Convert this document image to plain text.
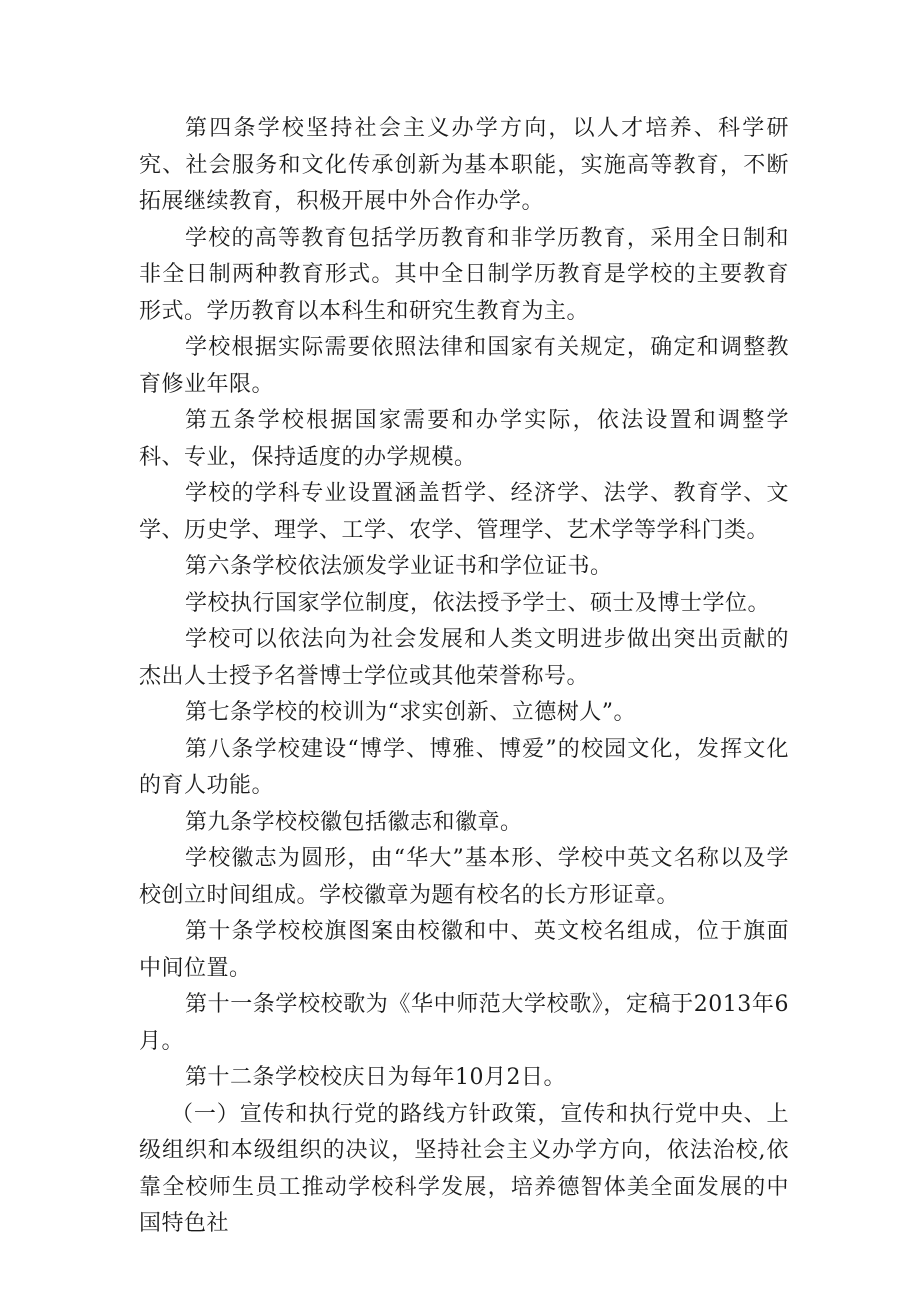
第四条学校坚持社会主义办学方向，以人才培养、科学研究、社会服务和文化传承创新为基本职能，实施高等教育，不断拓展继续教育，积极开展中外合作办学。

学校的高等教育包括学历教育和非学历教育，采用全日制和非全日制两种教育形式。其中全日制学历教育是学校的主要教育形式。学历教育以本科生和研究生教育为主。

学校根据实际需要依照法律和国家有关规定，确定和调整教育修业年限。

第五条学校根据国家需要和办学实际，依法设置和调整学科、专业，保持适度的办学规模。

学校的学科专业设置涵盖哲学、经济学、法学、教育学、文学、历史学、理学、工学、农学、管理学、艺术学等学科门类。

第六条学校依法颁发学业证书和学位证书。

学校执行国家学位制度，依法授予学士、硕士及博士学位。

学校可以依法向为社会发展和人类文明进步做出突出贡献的杰出人士授予名誉博士学位或其他荣誉称号。

第七条学校的校训为“求实创新、立德树人”。

第八条学校建设“博学、博雅、博爱”的校园文化，发挥文化的育人功能。

第九条学校校徽包括徽志和徽章。

学校徽志为圆形，由“华大”基本形、学校中英文名称以及学校创立时间组成。学校徽章为题有校名的长方形证章。

第十条学校校旗图案由校徽和中、英文校名组成，位于旗面中间位置。

第十一条学校校歌为《华中师范大学校歌》，定稿于2013年6月。

第十二条学校校庆日为每年10月2日。

（一）宣传和执行党的路线方针政策，宣传和执行党中央、上级组织和本级组织的决议，坚持社会主义办学方向，依法治校,依靠全校师生员工推动学校科学发展，培养德智体美全面发展的中国特色社
